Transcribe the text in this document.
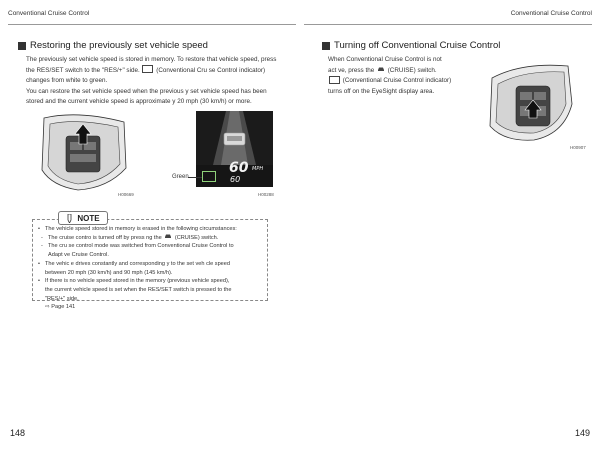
Conventional Cruise Control	Conventional Cruise Control
Restoring the previously set vehicle speed

The previously set vehicle speed is stored in memory. To restore that vehicle speed, press

the RES/SET switch to the "RES/+" side.	(Conventional Cru se Control indicator)

changes from white to green.

You can restore the set vehicle speed when the previous y set vehicle speed has been

stored and the current vehicle speed is approximate y 20 mph (30 km/h) or more.

H00669
60 MPH
60
Green
H00288
Turning off Conventional Cruise Control

When Conventional Cruise Control is not

act ve, press the (CRUISE) switch.

(Conventional Cruise Control indicator)

turns off on the EyeSight display area.

H00907
NOTE
• The vehicle speed stored in memory is erased in the following circumstances:
- The cruise contro is turned off by press ng the (CRUISE) switch.
- The cru se control mode was switched from Conventional Cruise Control to
Adapt ve Cruise Control.
• The vehic e drives constantly and corresponding y to the set veh cle speed
between 20 mph (30 km/h) and 90 mph (145 km/h).
• If there is no vehicle speed stored in the memory (previous vehicle speed),
the current vehicle speed is set when the RES/SET switch is pressed to the
"RES/+" side.
⇨ Page 141
148	149
